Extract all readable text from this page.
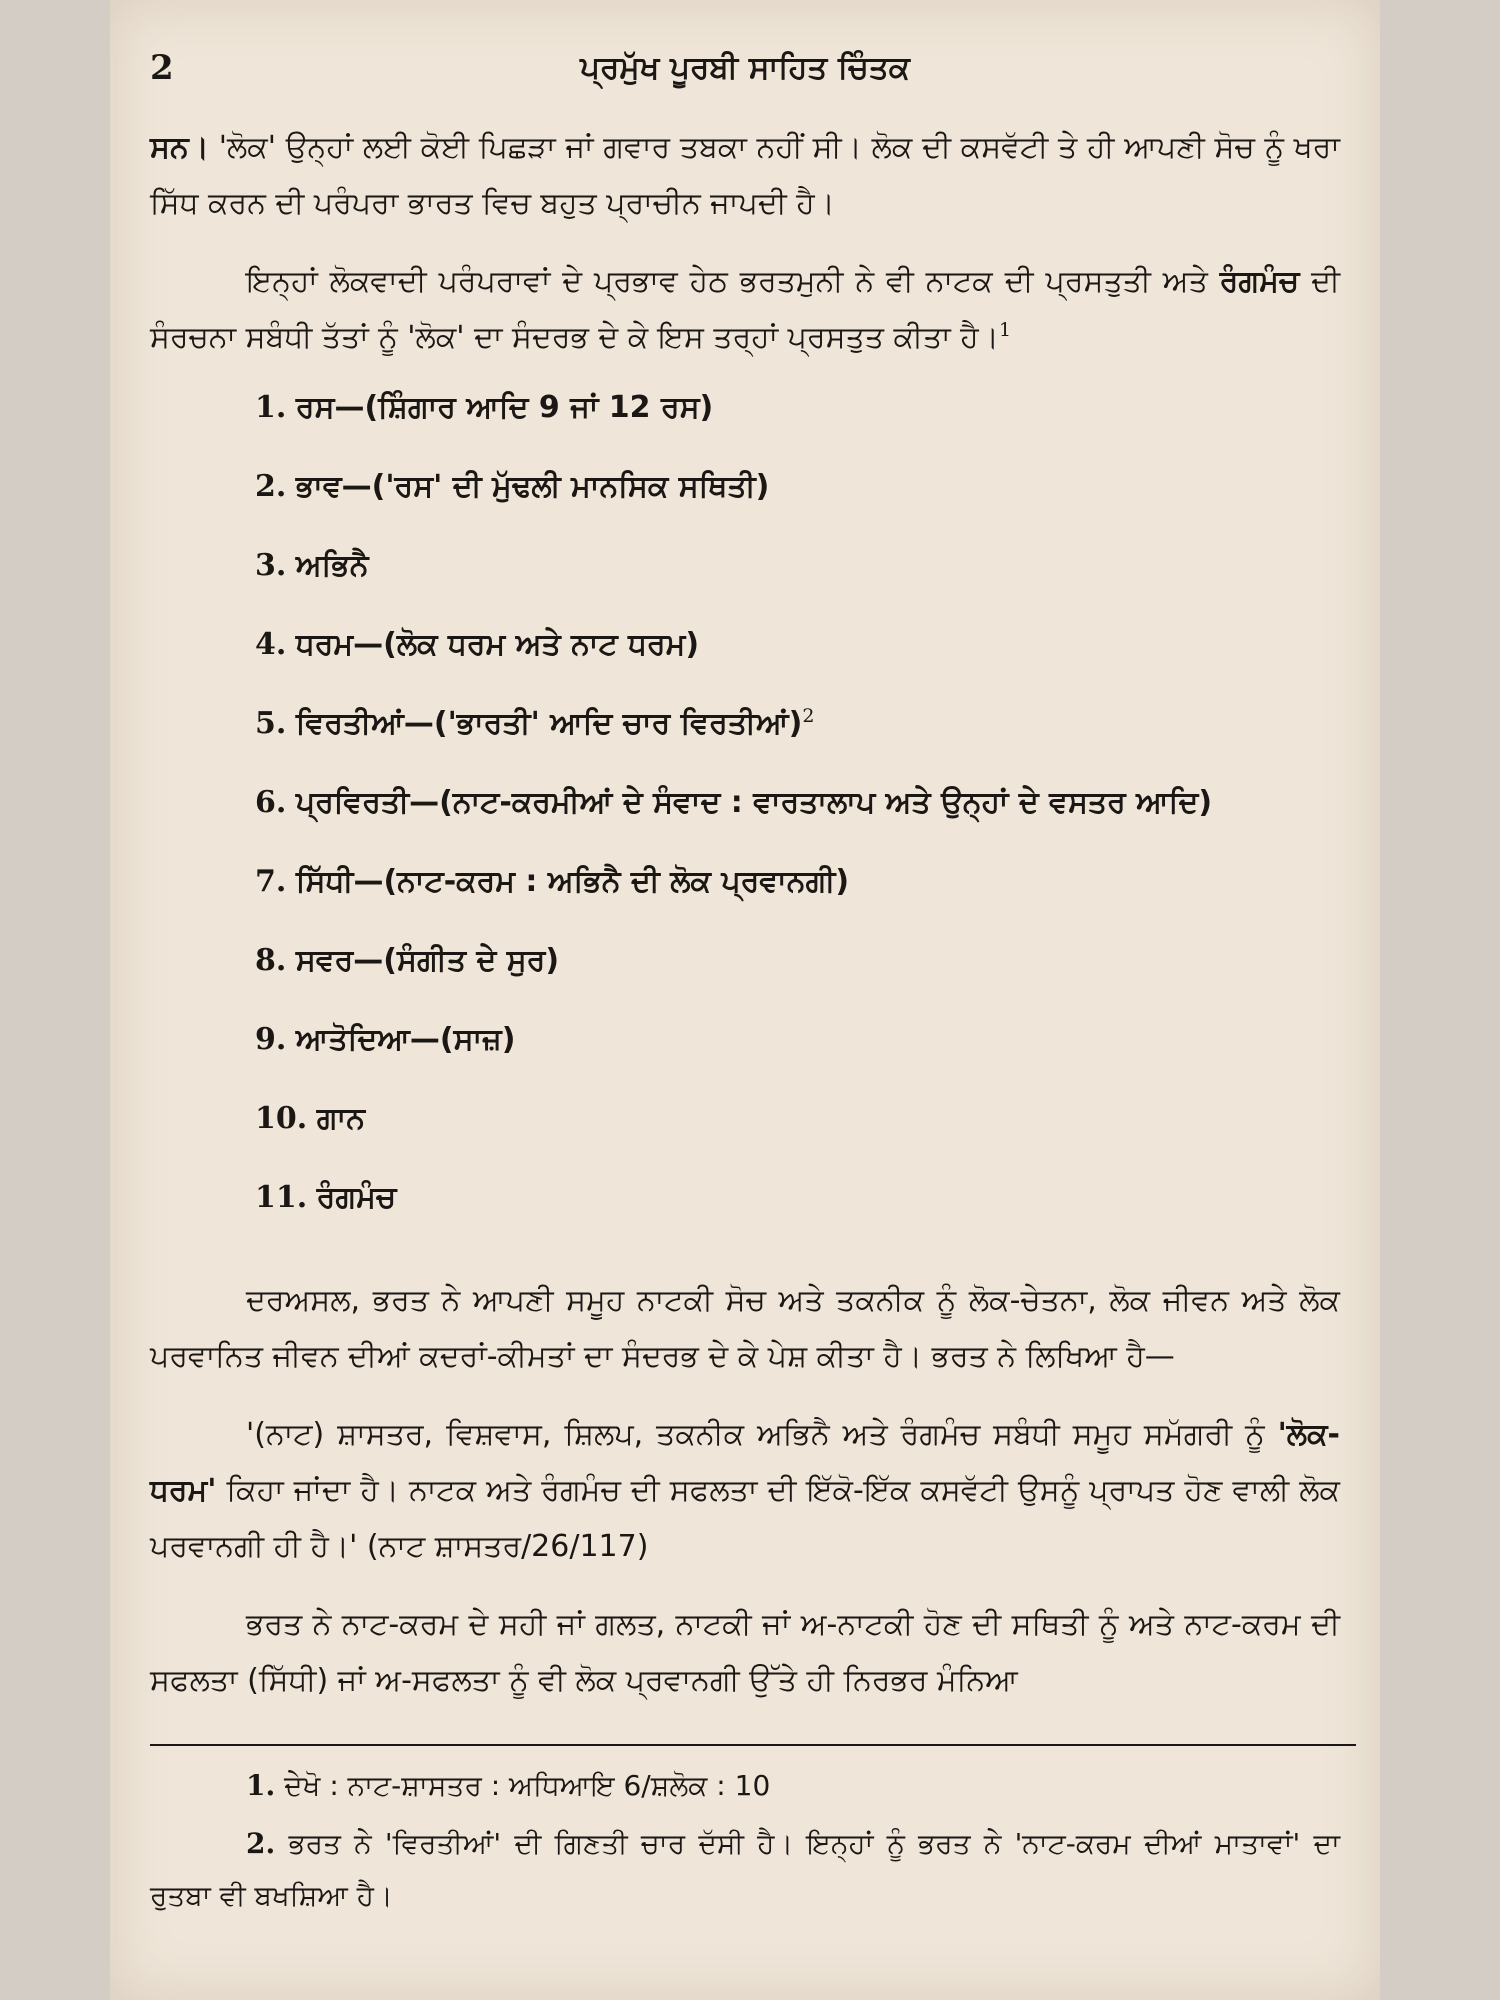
2	ਪ੍ਰਮੁੱਖ ਪੂਰਬੀ ਸਾਹਿਤ ਚਿੰਤਕ

ਸਨ। 'ਲੋਕ' ਉਨ੍ਹਾਂ ਲਈ ਕੋਈ ਪਿਛੜਾ ਜਾਂ ਗਵਾਰ ਤਬਕਾ ਨਹੀਂ ਸੀ। ਲੋਕ ਦੀ ਕਸਵੱਟੀ ਤੇ ਹੀ ਆਪਣੀ ਸੋਚ ਨੂੰ ਖਰਾ ਸਿੱਧ ਕਰਨ ਦੀ ਪਰੰਪਰਾ ਭਾਰਤ ਵਿਚ ਬਹੁਤ ਪ੍ਰਾਚੀਨ ਜਾਪਦੀ ਹੈ।

ਇਨ੍ਹਾਂ ਲੋਕਵਾਦੀ ਪਰੰਪਰਾਵਾਂ ਦੇ ਪ੍ਰਭਾਵ ਹੇਠ ਭਰਤਮੁਨੀ ਨੇ ਵੀ ਨਾਟਕ ਦੀ ਪ੍ਰਸਤੁਤੀ ਅਤੇ ਰੰਗਮੰਚ ਦੀ ਸੰਰਚਨਾ ਸਬੰਧੀ ਤੱਤਾਂ ਨੂੰ 'ਲੋਕ' ਦਾ ਸੰਦਰਭ ਦੇ ਕੇ ਇਸ ਤਰ੍ਹਾਂ ਪ੍ਰਸਤੁਤ ਕੀਤਾ ਹੈ।$^1$

1. ਰਸ—(ਸ਼ਿੰਗਾਰ ਆਦਿ 9 ਜਾਂ 12 ਰਸ)
2. ਭਾਵ—('ਰਸ' ਦੀ ਮੁੱਢਲੀ ਮਾਨਸਿਕ ਸਥਿਤੀ)
3. ਅਭਿਨੈ
4. ਧਰਮ—(ਲੋਕ ਧਰਮ ਅਤੇ ਨਾਟ ਧਰਮ)
5. ਵਿਰਤੀਆਂ—('ਭਾਰਤੀ' ਆਦਿ ਚਾਰ ਵਿਰਤੀਆਂ)$^2$
6. ਪ੍ਰਵਿਰਤੀ—(ਨਾਟ-ਕਰਮੀਆਂ ਦੇ ਸੰਵਾਦ : ਵਾਰਤਾਲਾਪ ਅਤੇ ਉਨ੍ਹਾਂ ਦੇ ਵਸਤਰ ਆਦਿ)
7. ਸਿੱਧੀ—(ਨਾਟ-ਕਰਮ : ਅਭਿਨੈ ਦੀ ਲੋਕ ਪ੍ਰਵਾਨਗੀ)
8. ਸਵਰ—(ਸੰਗੀਤ ਦੇ ਸੁਰ)
9. ਆਤੋਦਿਆ—(ਸਾਜ਼)
10. ਗਾਨ
11. ਰੰਗਮੰਚ

ਦਰਅਸਲ, ਭਰਤ ਨੇ ਆਪਣੀ ਸਮੂਹ ਨਾਟਕੀ ਸੋਚ ਅਤੇ ਤਕਨੀਕ ਨੂੰ ਲੋਕ-ਚੇਤਨਾ, ਲੋਕ ਜੀਵਨ ਅਤੇ ਲੋਕ ਪਰਵਾਨਿਤ ਜੀਵਨ ਦੀਆਂ ਕਦਰਾਂ-ਕੀਮਤਾਂ ਦਾ ਸੰਦਰਭ ਦੇ ਕੇ ਪੇਸ਼ ਕੀਤਾ ਹੈ। ਭਰਤ ਨੇ ਲਿਖਿਆ ਹੈ—

'(ਨਾਟ) ਸ਼ਾਸਤਰ, ਵਿਸ਼ਵਾਸ, ਸ਼ਿਲਪ, ਤਕਨੀਕ ਅਭਿਨੈ ਅਤੇ ਰੰਗਮੰਚ ਸਬੰਧੀ ਸਮੂਹ ਸਮੱਗਰੀ ਨੂੰ 'ਲੋਕ-ਧਰਮ' ਕਿਹਾ ਜਾਂਦਾ ਹੈ। ਨਾਟਕ ਅਤੇ ਰੰਗਮੰਚ ਦੀ ਸਫਲਤਾ ਦੀ ਇੱਕੋ-ਇੱਕ ਕਸਵੱਟੀ ਉਸਨੂੰ ਪ੍ਰਾਪਤ ਹੋਣ ਵਾਲੀ ਲੋਕ ਪਰਵਾਨਗੀ ਹੀ ਹੈ।' (ਨਾਟ ਸ਼ਾਸਤਰ/26/117)

ਭਰਤ ਨੇ ਨਾਟ-ਕਰਮ ਦੇ ਸਹੀ ਜਾਂ ਗਲਤ, ਨਾਟਕੀ ਜਾਂ ਅ-ਨਾਟਕੀ ਹੋਣ ਦੀ ਸਥਿਤੀ ਨੂੰ ਅਤੇ ਨਾਟ-ਕਰਮ ਦੀ ਸਫਲਤਾ (ਸਿੱਧੀ) ਜਾਂ ਅ-ਸਫਲਤਾ ਨੂੰ ਵੀ ਲੋਕ ਪ੍ਰਵਾਨਗੀ ਉੱਤੇ ਹੀ ਨਿਰਭਰ ਮੰਨਿਆ

1. ਦੇਖੋ : ਨਾਟ-ਸ਼ਾਸਤਰ : ਅਧਿਆਇ 6/ਸ਼ਲੋਕ : 10

2. ਭਰਤ ਨੇ 'ਵਿਰਤੀਆਂ' ਦੀ ਗਿਣਤੀ ਚਾਰ ਦੱਸੀ ਹੈ। ਇਨ੍ਹਾਂ ਨੂੰ ਭਰਤ ਨੇ 'ਨਾਟ-ਕਰਮ ਦੀਆਂ ਮਾਤਾਵਾਂ' ਦਾ ਰੁਤਬਾ ਵੀ ਬਖਸ਼ਿਆ ਹੈ।
